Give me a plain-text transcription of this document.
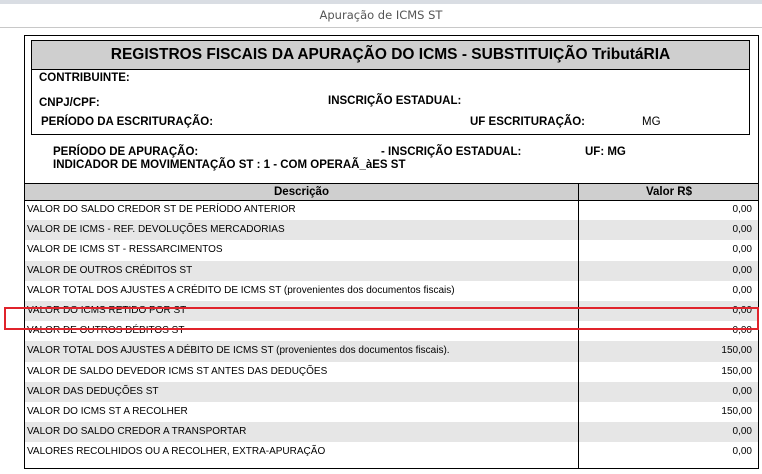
Apuração de ICMS ST
REGISTROS FISCAIS DA APURAÇÃO DO ICMS - SUBSTITUIÇÃO TributáRIA
CONTRIBUINTE:
CNPJ/CPF:	INSCRIÇÃO ESTADUAL:
PERÍODO DA ESCRITURAÇÃO:	UF ESCRITURAÇÃO:	MG
PERÍODO DE APURAÇÃO:	- INSCRIÇÃO ESTADUAL:	UF: MG
INDICADOR DE MOVIMENTAÇÃO ST : 1 - COM OPERAÃ_àES ST
Descrição	Valor R$
VALOR DO SALDO CREDOR ST DE PERÍODO ANTERIOR	0,00
VALOR DE ICMS - REF. DEVOLUÇÕES MERCADORIAS	0,00
VALOR DE ICMS ST - RESSARCIMENTOS	0,00
VALOR DE OUTROS CRÉDITOS ST	0,00
VALOR TOTAL DOS AJUSTES A CRÉDITO DE ICMS ST (provenientes dos documentos fiscais)	0,00
VALOR DO ICMS RETIDO POR ST	0,00
VALOR DE OUTROS DÉBITOS ST	0,00
VALOR TOTAL DOS AJUSTES A DÉBITO DE ICMS ST (provenientes dos documentos fiscais).	150,00
VALOR DE SALDO DEVEDOR ICMS ST ANTES DAS DEDUÇÕES	150,00
VALOR DAS DEDUÇÕES ST	0,00
VALOR DO ICMS ST A RECOLHER	150,00
VALOR DO SALDO CREDOR A TRANSPORTAR	0,00
VALORES RECOLHIDOS OU A RECOLHER, EXTRA-APURAÇÃO	0,00
